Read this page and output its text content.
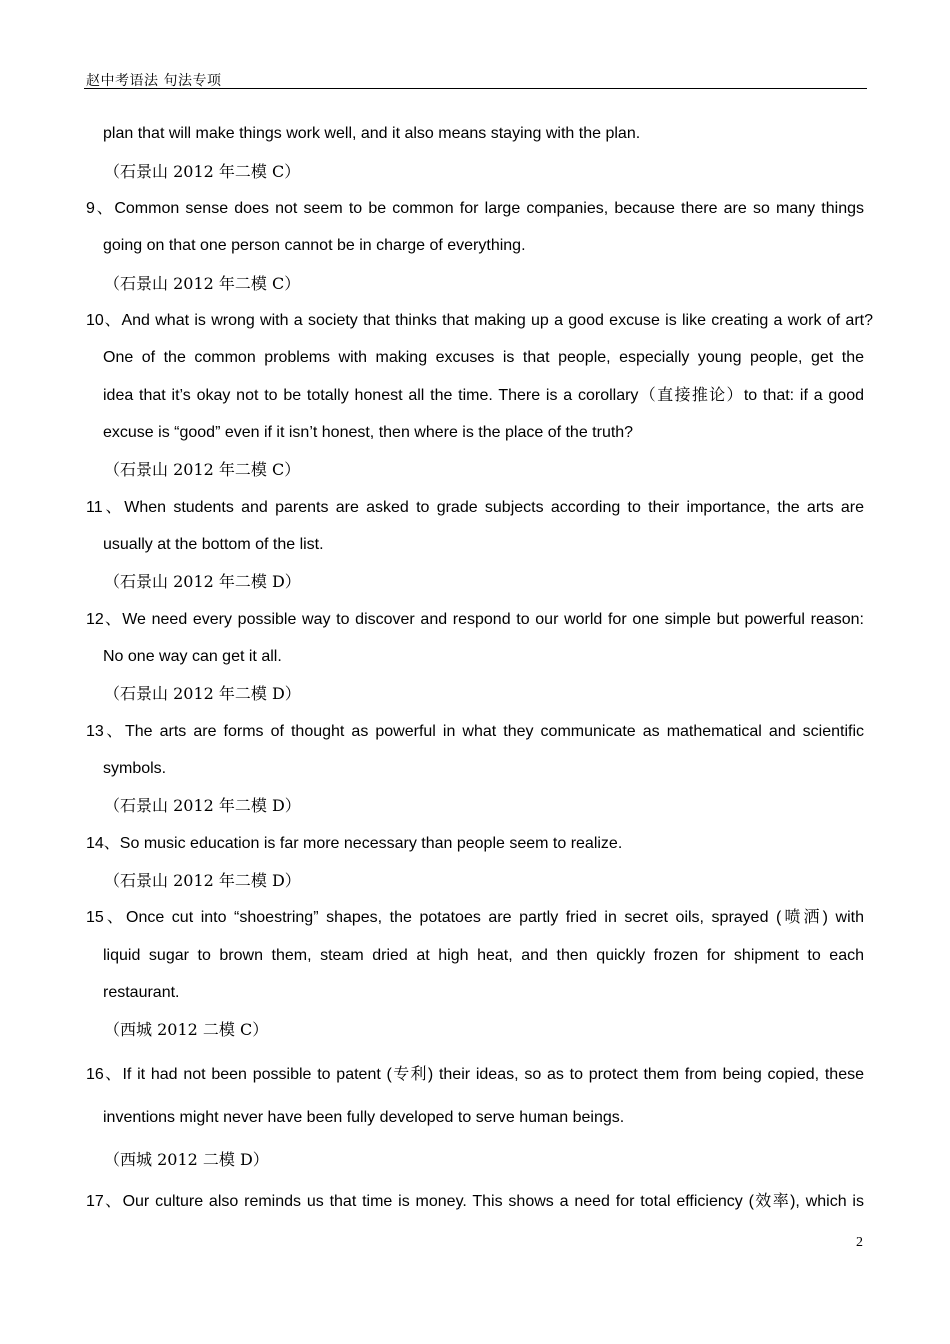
赵中考语法 句法专项
plan that will make things work well, and it also means staying with the plan.
（石景山 2012 年二模 C）
9、Common sense does not seem to be common for large companies, because there are so many things
going on that one person cannot be in charge of everything.
（石景山 2012 年二模 C）
10、And what is wrong with a society that thinks that making up a good excuse is like creating a work of art?
One of the common problems with making excuses is that people, especially young people, get the
idea that it’s okay not to be totally honest all the time. There is a corollary（直接推论）to that: if a good
excuse is “good” even if it isn’t honest, then where is the place of the truth?
（石景山 2012 年二模 C）
11、When students and parents are asked to grade subjects according to their importance, the arts are
usually at the bottom of the list.
（石景山 2012 年二模 D）
12、We need every possible way to discover and respond to our world for one simple but powerful reason:
No one way can get it all.
（石景山 2012 年二模 D）
13、The arts are forms of thought as powerful in what they communicate as mathematical and scientific
symbols.
（石景山 2012 年二模 D）
14、So music education is far more necessary than people seem to realize.
（石景山 2012 年二模 D）
15、Once cut into “shoestring” shapes, the potatoes are partly fried in secret oils, sprayed (喷洒) with
liquid sugar to brown them, steam dried at high heat, and then quickly frozen for shipment to each
restaurant.
（西城 2012 二模 C）
16、If it had not been possible to patent (专利) their ideas, so as to protect them from being copied, these
inventions might never have been fully developed to serve human beings.
（西城 2012 二模 D）
17、Our culture also reminds us that time is money. This shows a need for total efficiency (效率), which is
2
